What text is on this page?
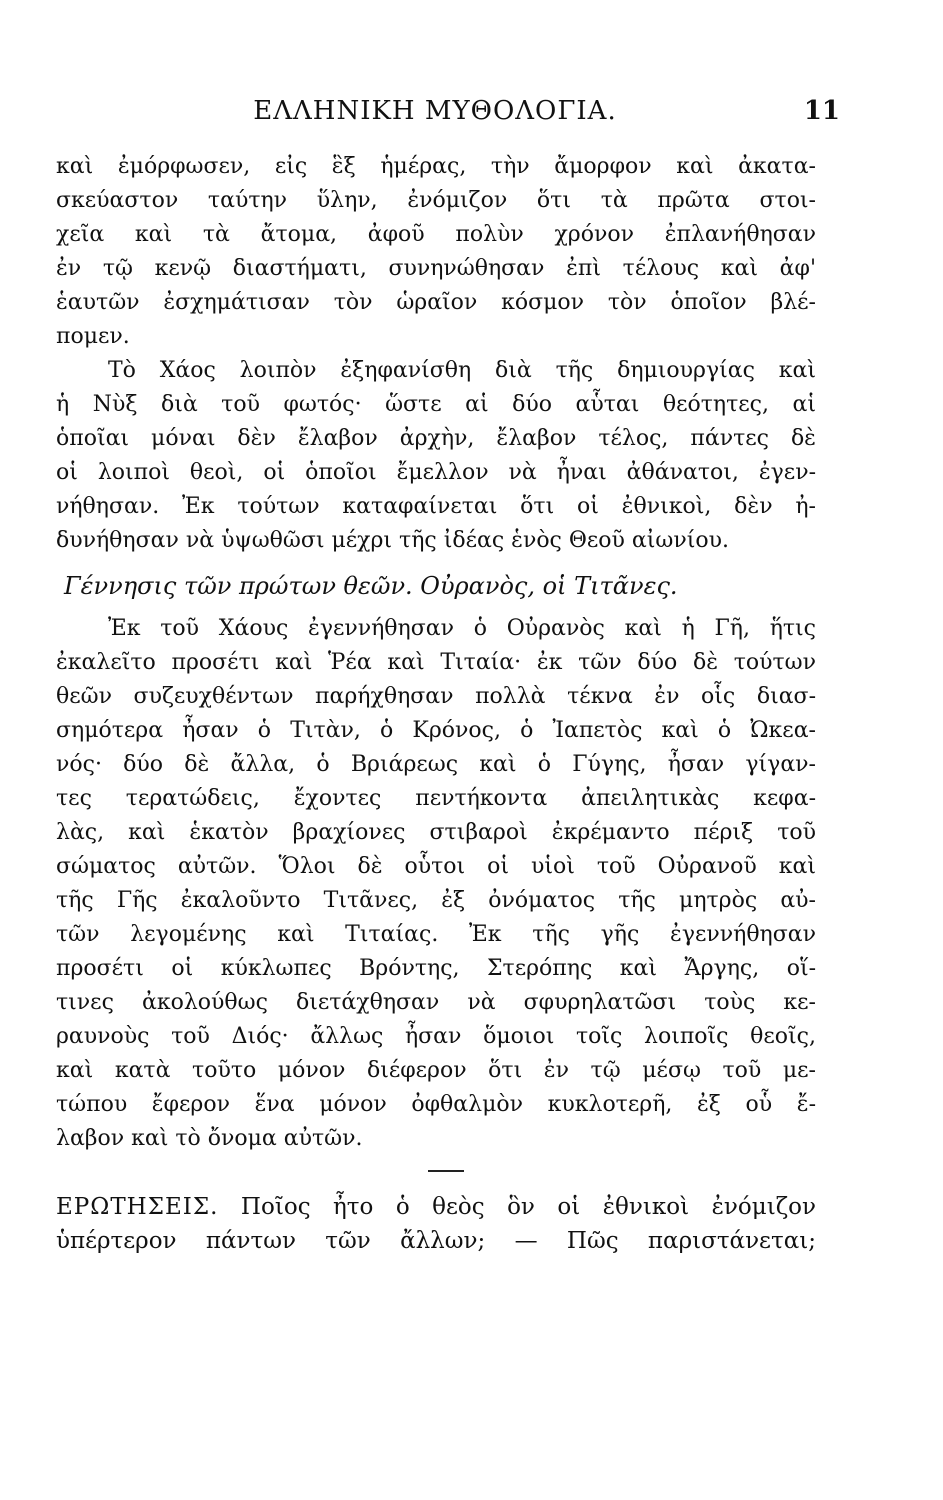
ΕΛΛΗΝΙΚΗ ΜΥΘΟΛΟΓΙΑ.	11
καὶ ἐμόρφωσεν, εἰς ἓξ ἡμέρας, τὴν ἄμορφον καὶ ἀκατα-
σκεύαστον ταύτην ὕλην, ἐνόμιζον ὅτι τὰ πρῶτα στοι-
χεῖα καὶ τὰ ἄτομα, ἀφοῦ πολὺν χρόνον ἐπλανήθησαν
ἐν τῷ κενῷ διαστήματι, συνηνώθησαν ἐπὶ τέλους καὶ ἀφ'
ἑαυτῶν ἐσχημάτισαν τὸν ὡραῖον κόσμον τὸν ὁποῖον βλέ-
πομεν.
Τὸ Χάος λοιπὸν ἐξηφανίσθη διὰ τῆς δημιουργίας καὶ
ἡ Νὺξ διὰ τοῦ φωτός· ὥστε αἱ δύο αὗται θεότητες, αἱ
ὁποῖαι μόναι δὲν ἔλαβον ἀρχὴν, ἔλαβον τέλος, πάντες δὲ
οἱ λοιποὶ θεοὶ, οἱ ὁποῖοι ἔμελλον νὰ ἦναι ἀθάνατοι, ἐγεν-
νήθησαν. Ἐκ τούτων καταφαίνεται ὅτι οἱ ἐθνικοὶ, δὲν ἠ-
δυνήθησαν νὰ ὑψωθῶσι μέχρι τῆς ἰδέας ἑνὸς Θεοῦ αἰωνίου.
Γέννησις τῶν πρώτων θεῶν. Οὐρανὸς, οἱ Τιτᾶνες.
Ἐκ τοῦ Χάους ἐγεννήθησαν ὁ Οὐρανὸς καὶ ἡ Γῆ, ἥτις
ἐκαλεῖτο προσέτι καὶ Ῥέα καὶ Τιταία· ἐκ τῶν δύο δὲ τούτων
θεῶν συζευχθέντων παρήχθησαν πολλὰ τέκνα ἐν οἷς διασ-
σημότερα ἦσαν ὁ Τιτὰν, ὁ Κρόνος, ὁ Ἰαπετὸς καὶ ὁ Ὠκεα-
νός· δύο δὲ ἄλλα, ὁ Βριάρεως καὶ ὁ Γύγης, ἦσαν γίγαν-
τες τερατώδεις, ἔχοντες πεντήκοντα ἀπειλητικὰς κεφα-
λὰς, καὶ ἑκατὸν βραχίονες στιβαροὶ ἐκρέμαντο πέριξ τοῦ
σώματος αὐτῶν. Ὅλοι δὲ οὗτοι οἱ υἱοὶ τοῦ Οὐρανοῦ καὶ
τῆς Γῆς ἐκαλοῦντο Τιτᾶνες, ἐξ ὀνόματος τῆς μητρὸς αὐ-
τῶν λεγομένης καὶ Τιταίας. Ἐκ τῆς γῆς ἐγεννήθησαν
προσέτι οἱ κύκλωπες Βρόντης, Στερόπης καὶ Ἄργης, οἵ-
τινες ἀκολούθως διετάχθησαν νὰ σφυρηλατῶσι τοὺς κε-
ραυνοὺς τοῦ Διός· ἄλλως ἦσαν ὅμοιοι τοῖς λοιποῖς θεοῖς,
καὶ κατὰ τοῦτο μόνον διέφερον ὅτι ἐν τῷ μέσῳ τοῦ με-
τώπου ἔφερον ἕνα μόνον ὀφθαλμὸν κυκλοτερῆ, ἐξ οὗ ἔ-
λαβον καὶ τὸ ὄνομα αὐτῶν.
ΕΡΩΤΗΣΕΙΣ. Ποῖος ἦτο ὁ θεὸς ὃν οἱ ἐθνικοὶ ἐνόμιζον
ὑπέρτερον πάντων τῶν ἄλλων; — Πῶς παριστάνεται;
